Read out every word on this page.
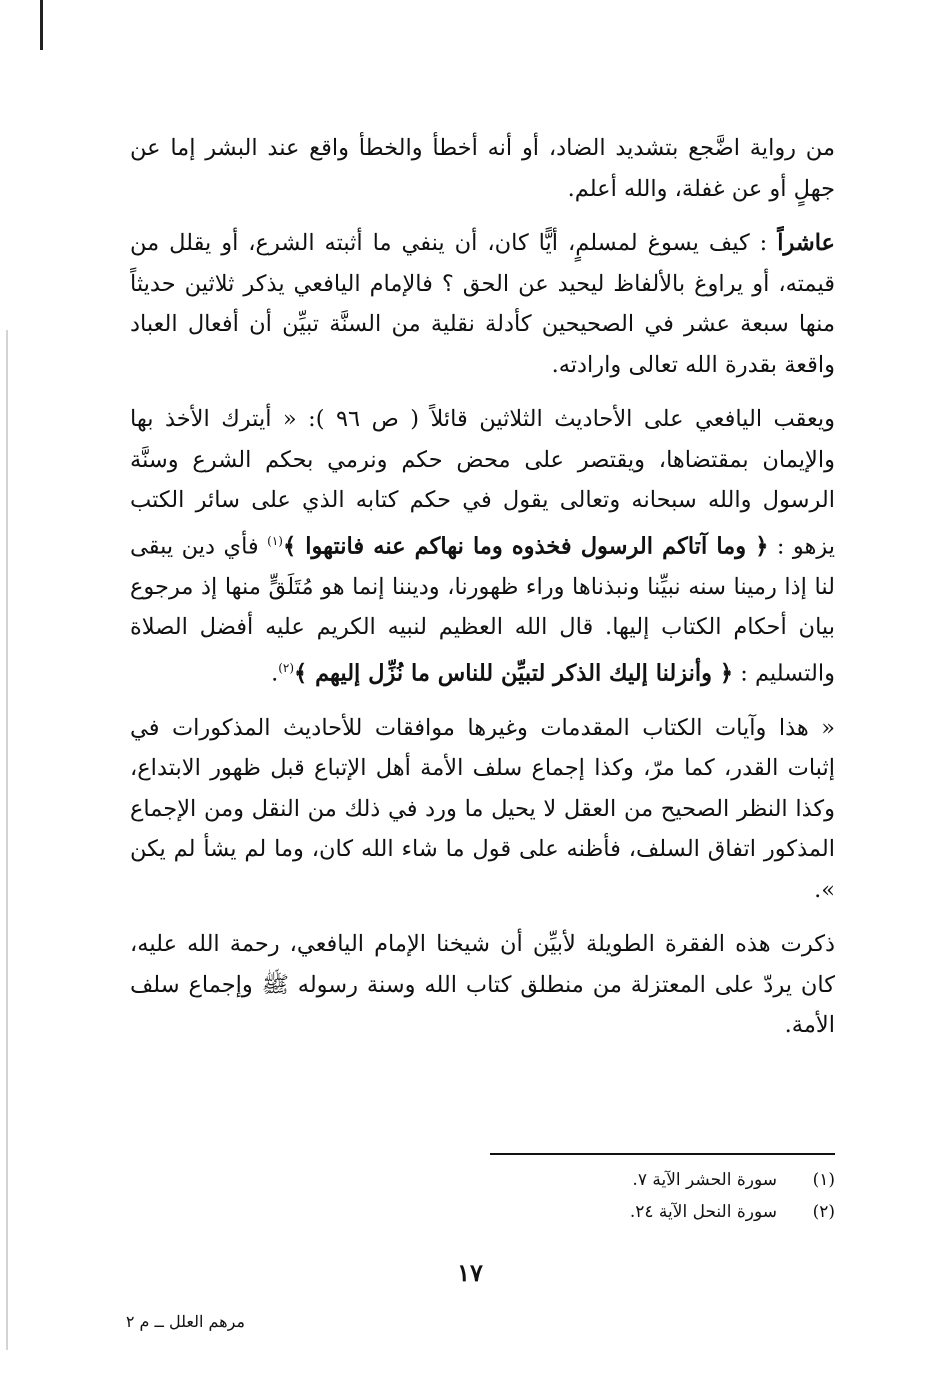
من رواية اضَّجع بتشديد الضاد، أو أنه أخطأ والخطأ واقع عند البشر إما عن جهلٍ أو عن غفلة، والله أعلم.

عاشراً : كيف يسوغ لمسلمٍ، أيًّا كان، أن ينفي ما أثبته الشرع، أو يقلل من قيمته، أو يراوغ بالألفاظ ليحيد عن الحق ؟ فالإمام اليافعي يذكر ثلاثين حديثاً منها سبعة عشر في الصحيحين كأدلة نقلية من السنَّة تبيِّن أن أفعال العباد واقعة بقدرة الله تعالى وارادته.

ويعقب اليافعي على الأحاديث الثلاثين قائلاً ( ص ٩٦ ): « أيترك الأخذ بها والإيمان بمقتضاها، ويقتصر على محض حكم ونرمي بحكم الشرع وسنَّة الرسول والله سبحانه وتعالى يقول في حكم كتابه الذي على سائر الكتب يزهو : ﴿ وما آتاكم الرسول فخذوه وما نهاكم عنه فانتهوا ﴾$^{(١)}$ فأي دين يبقى لنا إذا رمينا سنه نبيِّنا ونبذناها وراء ظهورنا، وديننا إنما هو مُتَلَقٍّ منها إذ مرجوع بيان أحكام الكتاب إليها. قال الله العظيم لنبيه الكريم عليه أفضل الصلاة والتسليم : ﴿ وأنزلنا إليك الذكر لتبيِّن للناس ما نُزِّل إليهم ﴾$^{(٢)}$.

« هذا وآيات الكتاب المقدمات وغيرها موافقات للأحاديث المذكورات في إثبات القدر، كما مرّ، وكذا إجماع سلف الأمة أهل الإتباع قبل ظهور الابتداع، وكذا النظر الصحيح من العقل لا يحيل ما ورد في ذلك من النقل ومن الإجماع المذكور اتفاق السلف، فأظنه على قول ما شاء الله كان، وما لم يشأ لم يكن ».

ذكرت هذه الفقرة الطويلة لأبيِّن أن شيخنا الإمام اليافعي، رحمة الله عليه، كان يردّ على المعتزلة من منطلق كتاب الله وسنة رسوله ﷺ وإجماع سلف الأمة.

(١)
سورة الحشر الآية ٧.
(٢)
سورة النحل الآية ٢٤.
١٧
مرهم العلل ــ م ٢
